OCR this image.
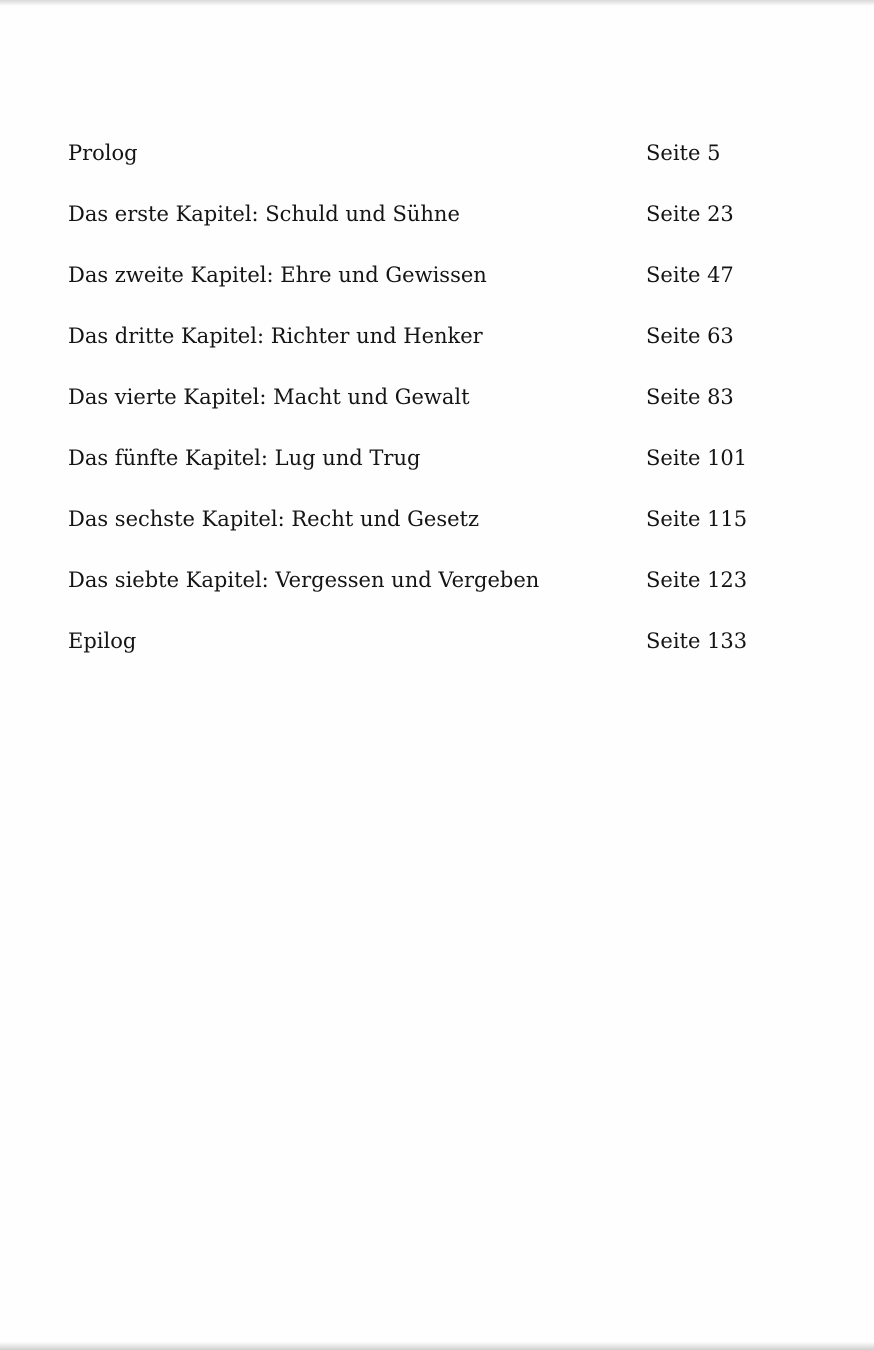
Prolog	Seite 5
Das erste Kapitel: Schuld und Sühne	Seite 23
Das zweite Kapitel: Ehre und Gewissen	Seite 47
Das dritte Kapitel: Richter und Henker	Seite 63
Das vierte Kapitel: Macht und Gewalt	Seite 83
Das fünfte Kapitel: Lug und Trug	Seite 101
Das sechste Kapitel: Recht und Gesetz	Seite 115
Das siebte Kapitel: Vergessen und Vergeben	Seite 123
Epilog	Seite 133
